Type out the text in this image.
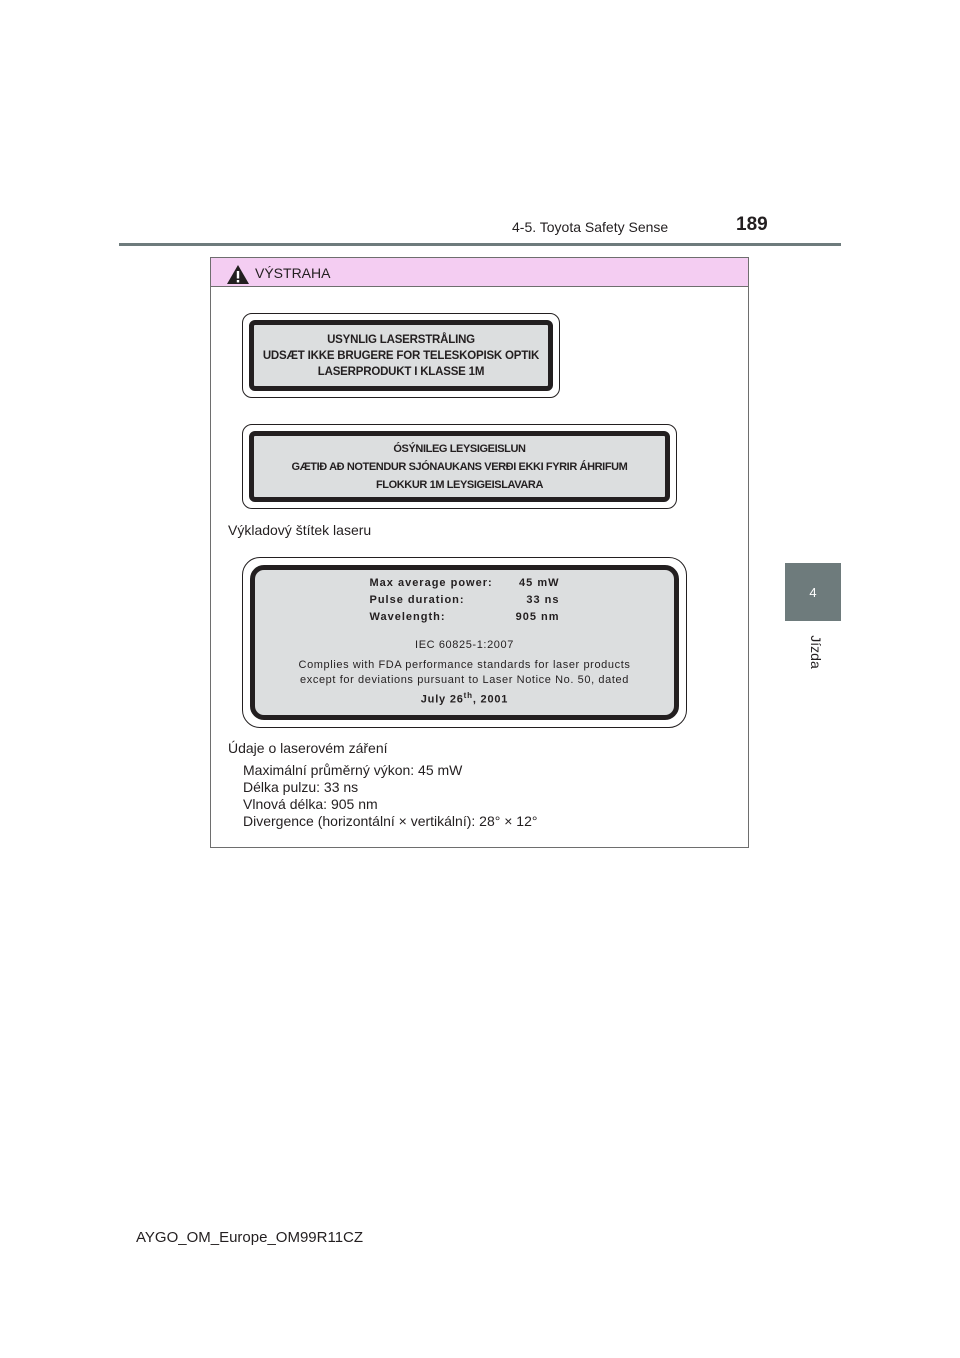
4-5. Toyota Safety Sense	189
4
Jízda
VÝSTRAHA
USYNLIG LASERSTRÅLING
UDSÆT IKKE BRUGERE FOR TELESKOPISK OPTIK
LASERPRODUKT I KLASSE 1M
ÓSÝNILEG LEYSIGEISLUN
GÆTIÐ AÐ NOTENDUR SJÓNAUKANS VERÐI EKKI FYRIR ÁHRIFUM
FLOKKUR 1M LEYSIGEISLAVARA
Výkladový štítek laseru
Max average power:	45 mW
Pulse duration:	33 ns
Wavelength:	905 nm
IEC 60825-1:2007
Complies with FDA performance standards for laser products
except for deviations pursuant to Laser Notice No. 50, dated
July 26th, 2001
Údaje o laserovém záření
Maximální průměrný výkon: 45 mW
Délka pulzu: 33 ns
Vlnová délka: 905 nm
Divergence (horizontální × vertikální): 28° × 12°
AYGO_OM_Europe_OM99R11CZ
